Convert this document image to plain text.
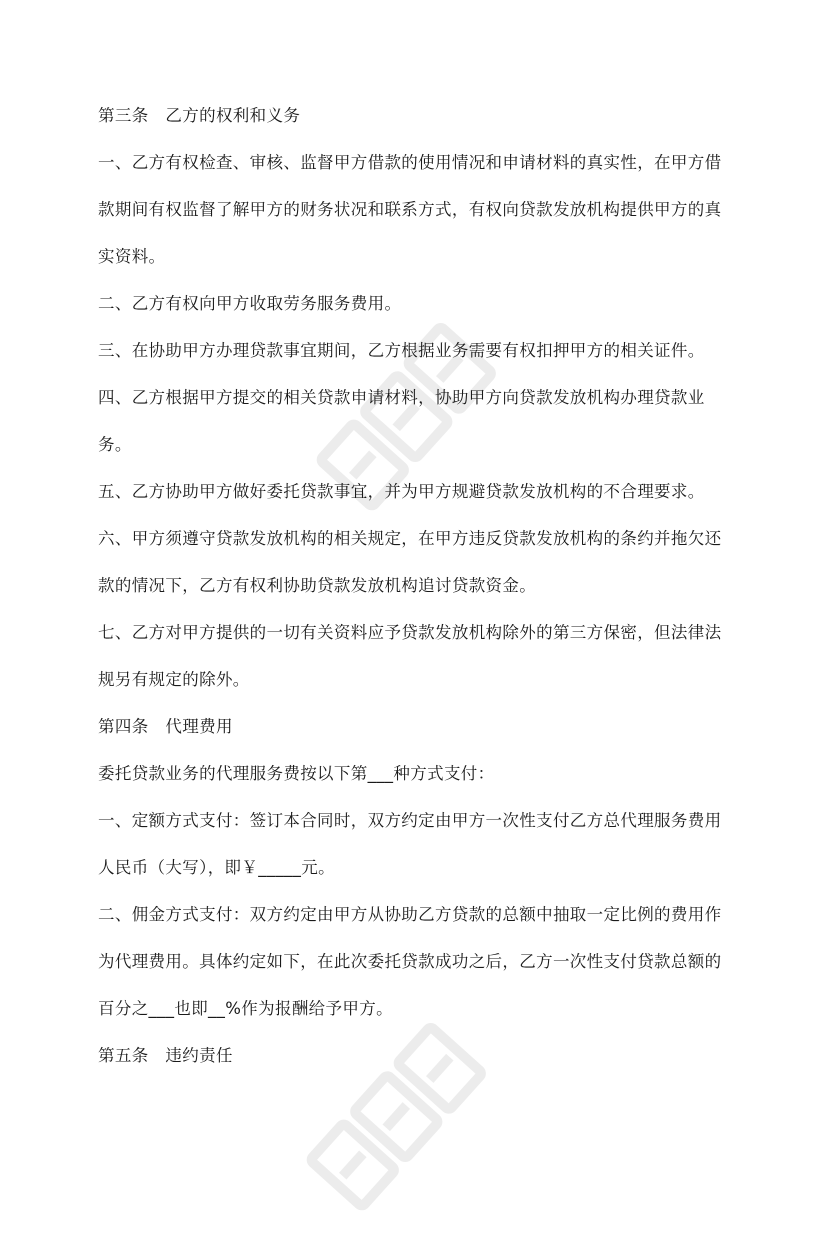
第三条　乙方的权利和义务
一、乙方有权检查、审核、监督甲方借款的使用情况和申请材料的真实性，在甲方借
款期间有权监督了解甲方的财务状况和联系方式，有权向贷款发放机构提供甲方的真
实资料。
二、乙方有权向甲方收取劳务服务费用。
三、在协助甲方办理贷款事宜期间，乙方根据业务需要有权扣押甲方的相关证件。
四、乙方根据甲方提交的相关贷款申请材料，协助甲方向贷款发放机构办理贷款业
务。
五、乙方协助甲方做好委托贷款事宜，并为甲方规避贷款发放机构的不合理要求。
六、甲方须遵守贷款发放机构的相关规定，在甲方违反贷款发放机构的条约并拖欠还
款的情况下，乙方有权利协助贷款发放机构追讨贷款资金。
七、乙方对甲方提供的一切有关资料应予贷款发放机构除外的第三方保密，但法律法
规另有规定的除外。
第四条　代理费用
委托贷款业务的代理服务费按以下第___种方式支付：
一、定额方式支付：签订本合同时，双方约定由甲方一次性支付乙方总代理服务费用
人民币（大写），即￥_____元。
二、佣金方式支付：双方约定由甲方从协助乙方贷款的总额中抽取一定比例的费用作
为代理费用。具体约定如下，在此次委托贷款成功之后，乙方一次性支付贷款总额的
百分之___也即__%作为报酬给予甲方。
第五条　违约责任
